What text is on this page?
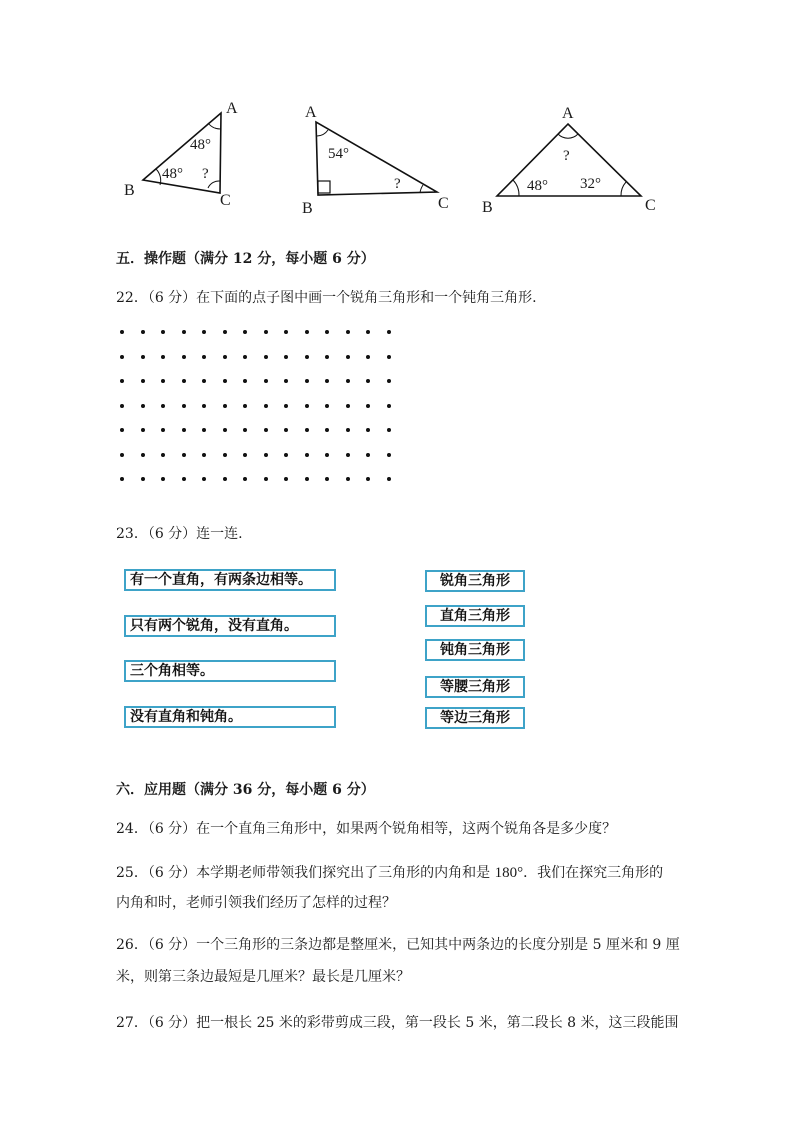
A
B
C
48°
48° ?
A
B	C
54°
?
A
B	C
?
48° 32°
五．操作题（满分 12 分，每小题 6 分）
22．（6 分）在下面的点子图中画一个锐角三角形和一个钝角三角形.
23．（6 分）连一连.
有一个直角，有两条边相等。
只有两个锐角，没有直角。
三个角相等。
没有直角和钝角。
锐角三角形
直角三角形
钝角三角形
等腰三角形
等边三角形
六．应用题（满分 36 分，每小题 6 分）
24．（6 分）在一个直角三角形中，如果两个锐角相等，这两个锐角各是多少度？
25．（6 分）本学期老师带领我们探究出了三角形的内角和是 180°．我们在探究三角形的
内角和时，老师引领我们经历了怎样的过程？
26．（6 分）一个三角形的三条边都是整厘米，已知其中两条边的长度分别是 5 厘米和 9 厘
米，则第三条边最短是几厘米？最长是几厘米？
27．（6 分）把一根长 25 米的彩带剪成三段，第一段长 5 米，第二段长 8 米，这三段能围
